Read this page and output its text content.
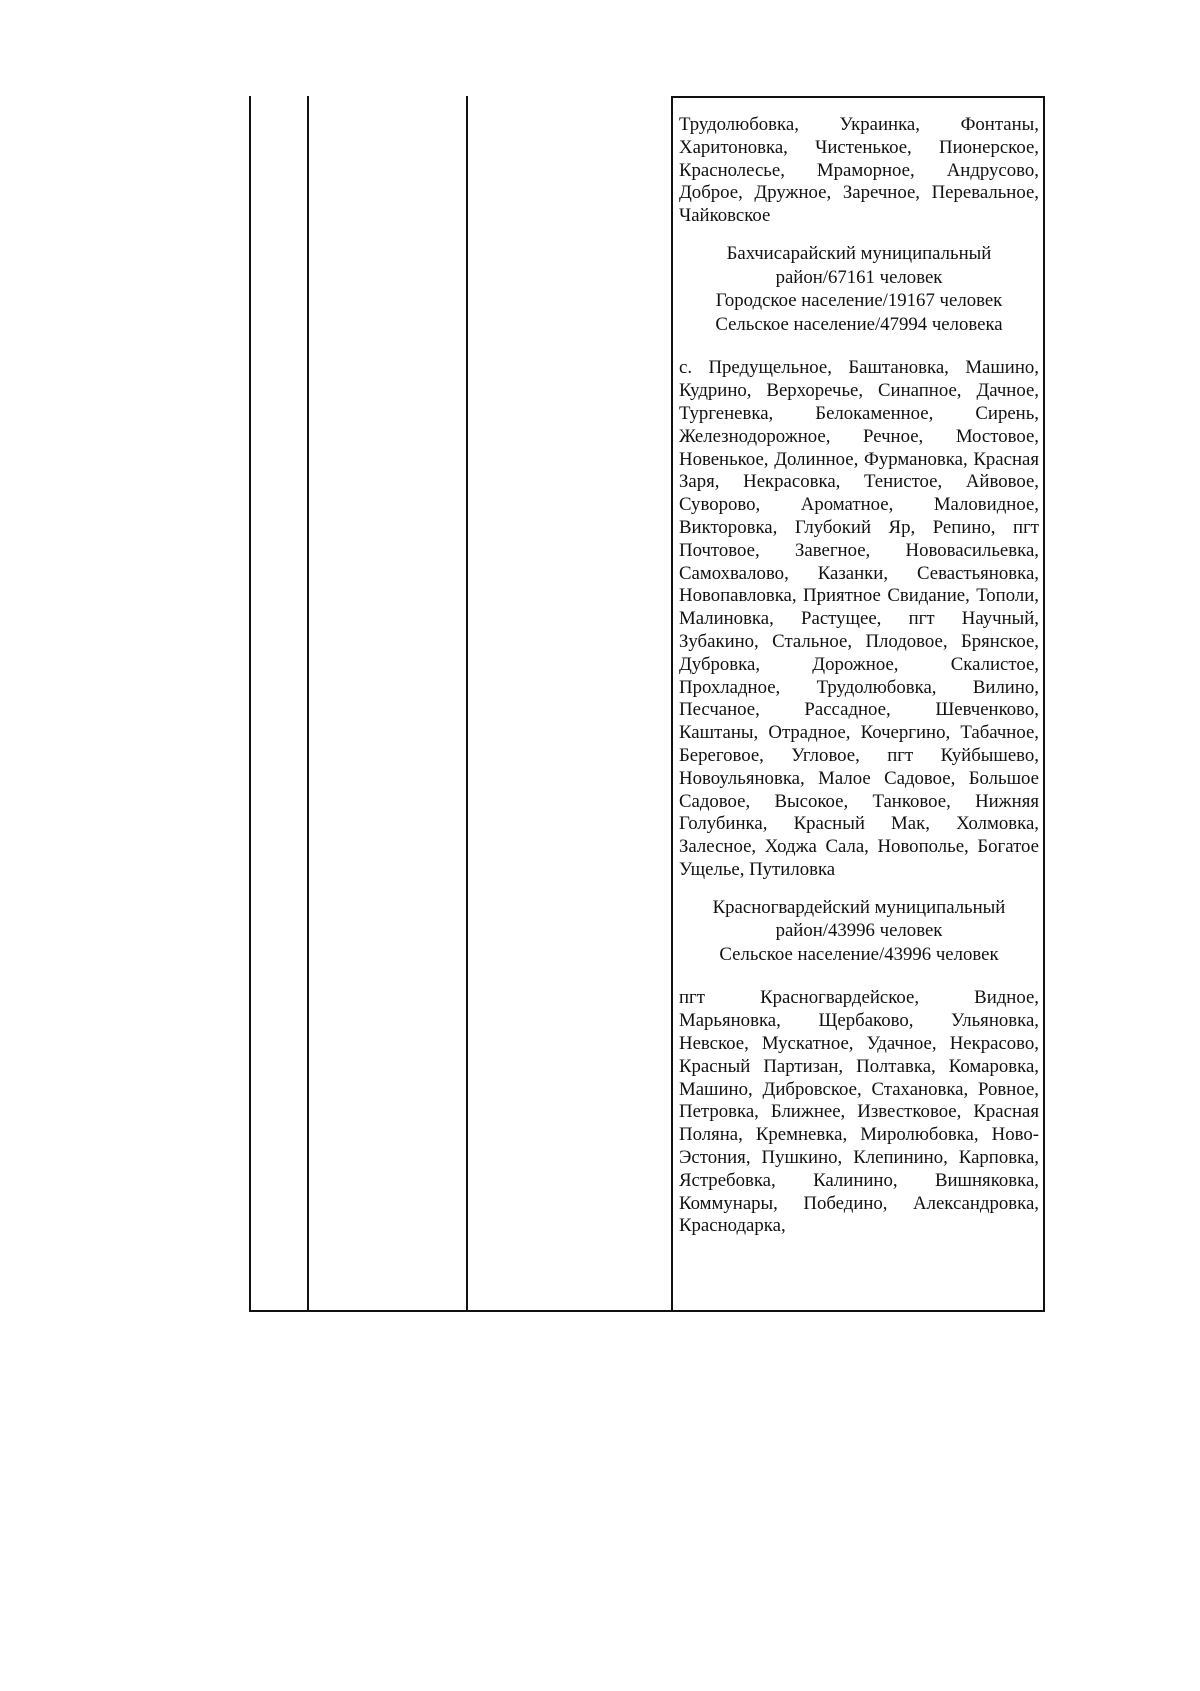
Трудолюбовка, Украинка, Фонтаны, Харитоновка, Чистенькое, Пионерское, Краснолесье, Мраморное, Андрусово, Доброе, Дружное, Заречное, Перевальное, Чайковское

Бахчисарайский муниципальный район/67161 человек
Городское население/19167 человек
Сельское население/47994 человека

с. Предущельное, Баштановка, Машино, Кудрино, Верхоречье, Синапное, Дачное, Тургеневка, Белокаменное, Сирень, Железнодорожное, Речное, Мостовое, Новенькое, Долинное, Фурмановка, Красная Заря, Некрасовка, Тенистое, Айвовое, Суворово, Ароматное, Маловидное, Викторовка, Глубокий Яр, Репино, пгт Почтовое, Завегное, Нововасильевка, Самохвалово, Казанки, Севастьяновка, Новопавловка, Приятное Свидание, Тополи, Малиновка, Растущее, пгт Научный, Зубакино, Стальное, Плодовое, Брянское, Дубровка, Дорожное, Скалистое, Прохладное, Трудолюбовка, Вилино, Песчаное, Рассадное, Шевченково, Каштаны, Отрадное, Кочергино, Табачное, Береговое, Угловое, пгт Куйбышево, Новоульяновка, Малое Садовое, Большое Садовое, Высокое, Танковое, Нижняя Голубинка, Красный Мак, Холмовка, Залесное, Ходжа Сала, Новополье, Богатое Ущелье, Путиловка

Красногвардейский муниципальный район/43996 человек
Сельское население/43996 человек

пгт Красногвардейское, Видное, Марьяновка, Щербаково, Ульяновка, Невское, Мускатное, Удачное, Некрасово, Красный Партизан, Полтавка, Комаровка, Машино, Дибровское, Стахановка, Ровное, Петровка, Ближнее, Известковое, Красная Поляна, Кремневка, Миролюбовка, Ново-Эстония, Пушкино, Клепинино, Карповка, Ястребовка, Калинино, Вишняковка, Коммунары, Победино, Александровка, Краснодарка,
